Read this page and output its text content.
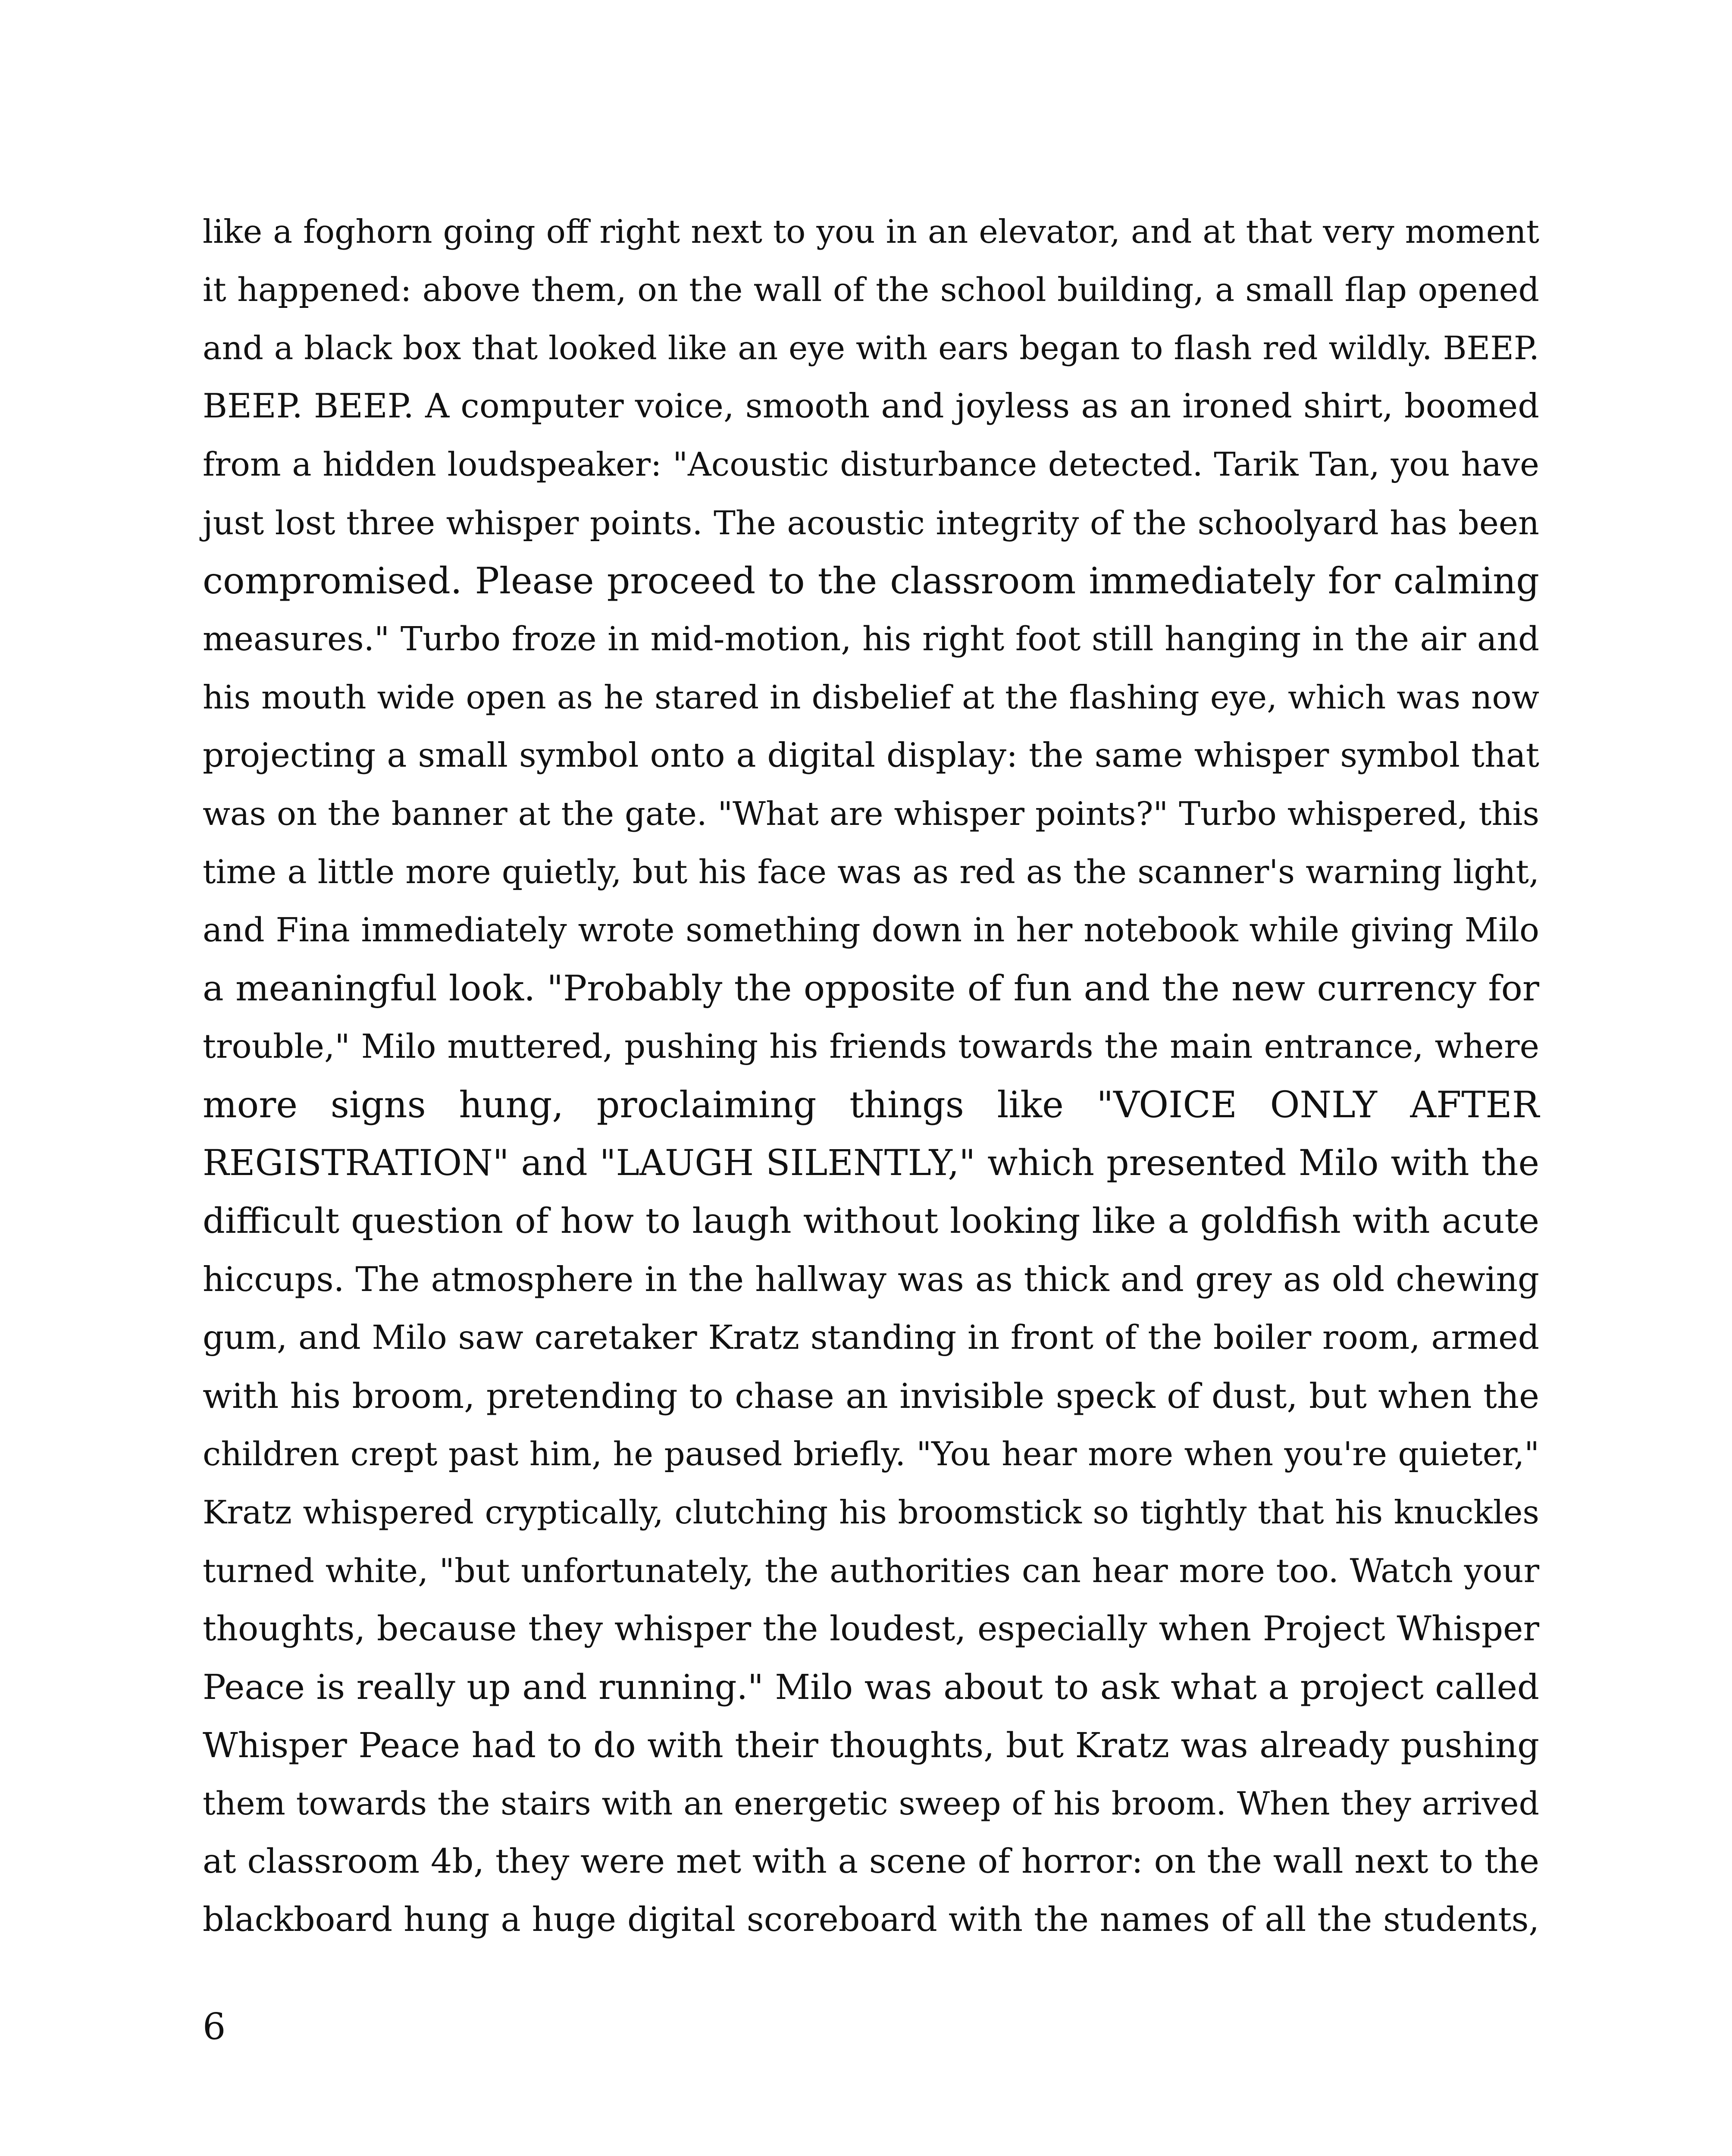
like a foghorn going off right next to you in an elevator, and at that very moment
it happened: above them, on the wall of the school building, a small flap opened
and a black box that looked like an eye with ears began to flash red wildly. BEEP.
BEEP. BEEP. A computer voice, smooth and joyless as an ironed shirt, boomed
from a hidden loudspeaker: "Acoustic disturbance detected. Tarik Tan, you have
just lost three whisper points. The acoustic integrity of the schoolyard has been
compromised. Please proceed to the classroom immediately for calming
measures." Turbo froze in mid-motion, his right foot still hanging in the air and
his mouth wide open as he stared in disbelief at the flashing eye, which was now
projecting a small symbol onto a digital display: the same whisper symbol that
was on the banner at the gate. "What are whisper points?" Turbo whispered, this
time a little more quietly, but his face was as red as the scanner's warning light,
and Fina immediately wrote something down in her notebook while giving Milo
a meaningful look. "Probably the opposite of fun and the new currency for
trouble," Milo muttered, pushing his friends towards the main entrance, where
more signs hung, proclaiming things like "VOICE ONLY AFTER
REGISTRATION" and "LAUGH SILENTLY," which presented Milo with the
difficult question of how to laugh without looking like a goldfish with acute
hiccups. The atmosphere in the hallway was as thick and grey as old chewing
gum, and Milo saw caretaker Kratz standing in front of the boiler room, armed
with his broom, pretending to chase an invisible speck of dust, but when the
children crept past him, he paused briefly. "You hear more when you're quieter,"
Kratz whispered cryptically, clutching his broomstick so tightly that his knuckles
turned white, "but unfortunately, the authorities can hear more too. Watch your
thoughts, because they whisper the loudest, especially when Project Whisper
Peace is really up and running." Milo was about to ask what a project called
Whisper Peace had to do with their thoughts, but Kratz was already pushing
them towards the stairs with an energetic sweep of his broom. When they arrived
at classroom 4b, they were met with a scene of horror: on the wall next to the
blackboard hung a huge digital scoreboard with the names of all the students,
6
